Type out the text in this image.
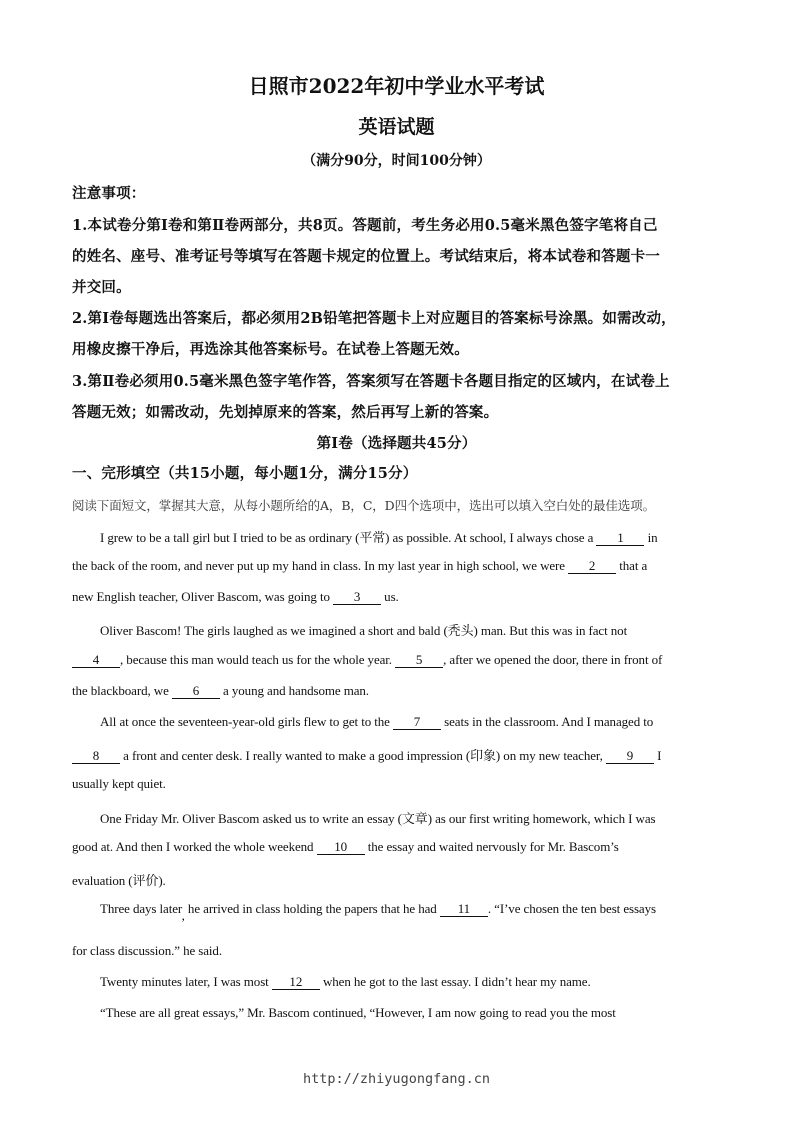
日照市2022年初中学业水平考试
英语试题
（满分90分，时间100分钟）
注意事项：
1.本试卷分第Ⅰ卷和第Ⅱ卷两部分，共8页。答题前，考生务必用0.5毫米黑色签字笔将自己
的姓名、座号、准考证号等填写在答题卡规定的位置上。考试结束后，将本试卷和答题卡一
并交回。
2.第Ⅰ卷每题选出答案后，都必须用2B铅笔把答题卡上对应题目的答案标号涂黑。如需改动，
用橡皮擦干净后，再选涂其他答案标号。在试卷上答题无效。
3.第Ⅱ卷必须用0.5毫米黑色签字笔作答，答案须写在答题卡各题目指定的区域内，在试卷上
答题无效；如需改动，先划掉原来的答案，然后再写上新的答案。
第Ⅰ卷（选择题共45分）
一、完形填空（共15小题，每小题1分，满分15分）
阅读下面短文，掌握其大意，从每小题所给的A，B，C，D四个选项中，选出可以填入空白处的最佳选项。
I grew to be a tall girl but I tried to be as ordinary (平常) as possible. At school, I always chose a 1 in
the back of the room, and never put up my hand in class. In my last year in high school, we were 2 that a
new English teacher, Oliver Bascom, was going to 3 us.
Oliver Bascom! The girls laughed as we imagined a short and bald (秃头) man. But this was in fact not
4 , because this man would teach us for the whole year. 5 , after we opened the door, there in front of
the blackboard, we 6 a young and handsome man.
All at once the seventeen-year-old girls flew to get to the 7 seats in the classroom. And I managed to
8 a front and center desk. I really wanted to make a good impression (印象) on my new teacher, 9 I
usually kept quiet.
One Friday Mr. Oliver Bascom asked us to write an essay (文章) as our first writing homework, which I was
good at. And then I worked the whole weekend 10 the essay and waited nervously for Mr. Bascom’s
evaluation (评价).
Three days later, he arrived in class holding the papers that he had 11 . “I’ve chosen the ten best essays
for class discussion.” he said.
Twenty minutes later, I was most 12 when he got to the last essay. I didn’t hear my name.
“These are all great essays,” Mr. Bascom continued, “However, I am now going to read you the most
http://zhiyugongfang.cn
